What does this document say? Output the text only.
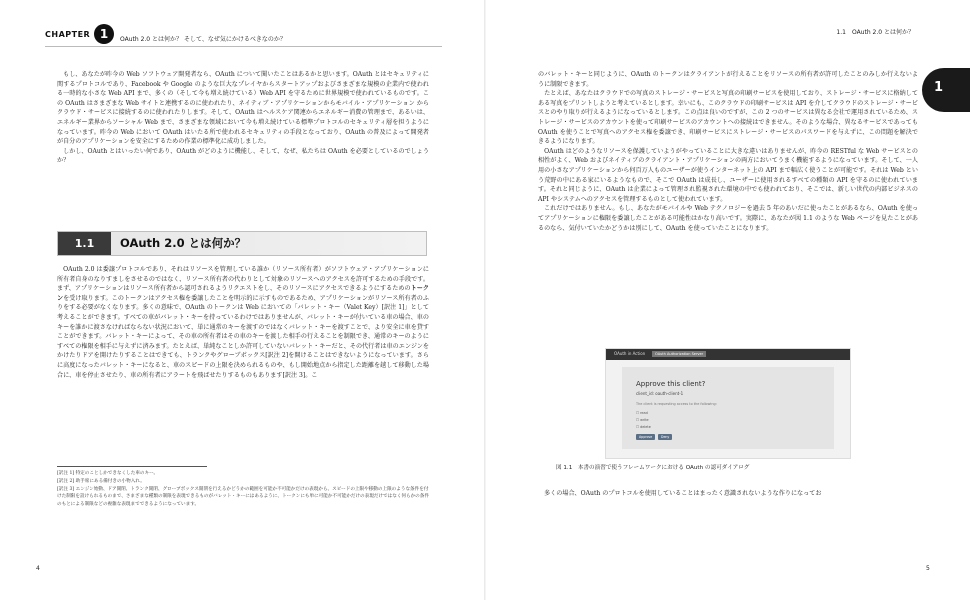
CHAPTER 1	OAuth 2.0 とは何か？ そして、なぜ気にかけるべきなのか？
1.1　OAuth 2.0 とは何か？
1

もし、あなたが昨今の Web ソフトウェア開発者なら、OAuth について聞いたことはあるかと思います。OAuth とはセキュリティに関するプロトコルであり、Facebook や Google のような巨大なプレイヤからスタートアップおよびさまざまな規模の企業内で使われる一時的な小さな Web API まで、多くの（そして今も増え続けている）Web API を守るために世界規模で使われているものです。この OAuth はさまざまな Web サイトと連携するのに使われたり、ネイティブ・アプリケーションからモバイル・アプリケーション からクラウド・サービスに接続するのに使われたりします。そして、OAuth はヘルスケア関連からエネルギー消費の管理まで、あるいは、エネルギー業界からソーシャル Web まで、さまざまな領域において今も増え続けている標準プロトコルのセキュリティ層を担うようになっています。昨今の Web において OAuth はいたる所で使われるセキュリティの手段となっており、OAuth の普及によって開発者が自分のアプリケーションを安全にするための作業の標準化に成功しました。

しかし、OAuth とはいったい何であり、OAuth がどのように機能し、そして、なぜ、私たちは OAuth を必要としているのでしょうか？

1.1	OAuth 2.0 とは何か？

OAuth 2.0 は委譲プロトコルであり、それはリソースを管理している誰か（リソース所有者）がソフトウェア・アプリケーションに所有者自身のなりすましをさせるのではなく、リソース所有者の代わりとして対象のリソースへのアクセスを許可するための手段です。まず、アプリケーションはリソース所有者から認可されるようリクエストをし、そのリソースにアクセスできるようにするためのトークンを受け取ります。このトークンはアクセス権を委譲したことを明示的に示すものであるため、アプリケーションがリソース所有者のふりをする必要がなくなります。多くの意味で、OAuth のトークンは Web においての「バレット・キー（Valet Key）[訳注 1]」として考えることができます。すべての車がバレット・キーを持っているわけではありませんが、バレット・キーが付いている車の場合、車のキーを誰かに渡さなければならない状況において、単に通常のキーを渡すのではなくバレット・キーを渡すことで、より安全に車を貸すことができます。バレット・キーによって、その車の所有者はその車のキーを渡した相手の行えることを制限でき、通常のキーのようにすべての権限を相手に与えずに済みます。たとえば、単純なことしか許可していないバレット・キーだと、その代行者は車のエンジンをかけたりドアを開けたりすることはできても、トランクやグローブボックス[訳注 2]を開けることはできないようになっています。さらに高度になったバレット・キーになると、車のスピードの上限を決められるものや、もし開始地点から指定した距離を越して移動した場合に、車を停止させたり、車の所有者にアラートを飛ばせたりするものもあります[訳注 3]。こ

[訳注 1] 特定のことしかできなくした車のキー。
[訳注 2] 助手席にある備付きの小物入れ。
[訳注 3] エンジン始動、ドア開閉、トランク開閉、グローブボックス開閉を行えるかどうかの範囲を可能か不可能かだけの表現から、スピードの上限や移動の上限のような条件を付けた制限を設けられるものまで、さまざまな種類の制限を表現できるものがバレット・キーにはあるように、トークンにも単に可能か不可能かだけの表現だけではなく何らかの条件のもとによる制限などの複雑な表現までできるようになっています。
4

のバレット・キーと同じように、OAuth のトークンはクライアントが行えることをリソースの所有者が許可したことのみしか行えないように制限できます。

たとえば、あなたはクラウドでの写真のストレージ・サービスと写真の印刷サービスを使用しており、ストレージ・サービスに格納してある写真をプリントしようと考えているとします。幸いにも、このクラウドの印刷サービスは API を介してクラウドのストレージ・サービスとのやり取りが行えるようになっているとします。この点は良いのですが、この 2 つのサービスは異なる会社で運用されているため、ストレージ・サービスのアカウントを使って印刷サービスのアカウントへの接続はできません。そのような場合、異なるサービスであっても OAuth を使うことで写真へのアクセス権を委譲でき、印刷サービスにストレージ・サービスのパスワードを与えずに、この問題を解決できるようになります。

OAuth はどのようなリソースを保護していようがやっていることに大きな違いはありませんが、昨今の RESTful な Web サービスとの相性がよく、Web およびネイティブのクライアント・アプリケーションの両方においてうまく機能するようになっています。そして、一人用の小さなアプリケーションから何百万人ものユーザーが使うインターネット上の API まで幅広く使うことが可能です。それは Web という荒野の中にある家にいるようなもので、そこで OAuth は成長し、ユーザーに使用されるすべての種類の API を守るのに使われています。それと同じように、OAuth は企業によって管理され監視された環境の中でも使われており、そこでは、新しい世代の内部ビジネスの API やシステムへのアクセスを管理するものとして使われています。

これだけではありません。もし、あなたがモバイルや Web テクノロジーを過去 5 年のあいだに使ったことがあるなら、OAuth を使ってアプリケーションに権限を委譲したことがある可能性はかなり高いです。実際に、あなたが図 1.1 のような Web ページを見たことがあるのなら、気付いていたかどうかは別にして、OAuth を使っていたことになります。

OAuth in Action	OAuth Authorization Server
Approve this client?
client_id: oauth-client-1
The client is requesting access to the following:
☐ read
☐ write
☐ delete
Approve	Deny
図 1.1　本書の演習で使うフレームワークにおける OAuth の認可ダイアログ
多くの場合、OAuth のプロトコルを使用していることはまったく意識されないような作りになってお
5
